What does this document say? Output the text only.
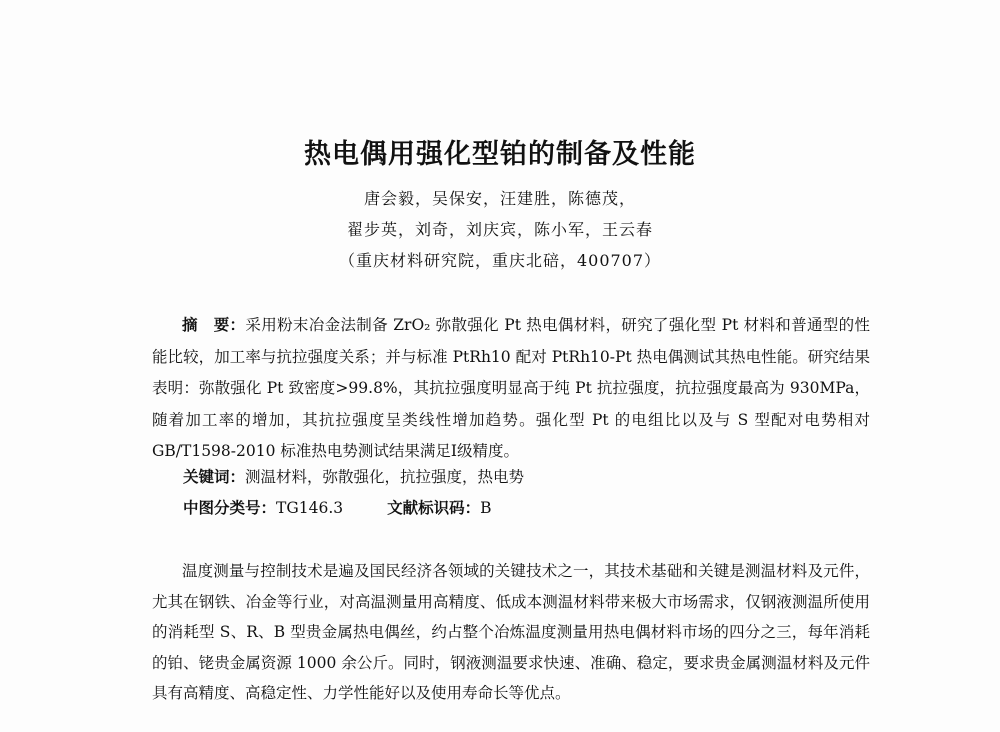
热电偶用强化型铂的制备及性能

唐会毅，吴保安，汪建胜，陈德茂，

翟步英，刘奇，刘庆宾，陈小军，王云春

（重庆材料研究院，重庆北碚，400707）

摘　要：采用粉末冶金法制备 ZrO₂ 弥散强化 Pt 热电偶材料，研究了强化型 Pt 材料和普通型的性能比较，加工率与抗拉强度关系；并与标准 PtRh10 配对 PtRh10-Pt 热电偶测试其热电性能。研究结果表明：弥散强化 Pt 致密度>99.8%，其抗拉强度明显高于纯 Pt 抗拉强度，抗拉强度最高为 930MPa，随着加工率的增加，其抗拉强度呈类线性增加趋势。强化型 Pt 的电组比以及与 S 型配对电势相对 GB/T1598-2010 标准热电势测试结果满足Ⅰ级精度。

关键词：测温材料，弥散强化，抗拉强度，热电势

中图分类号：TG146.3	文献标识码：B

温度测量与控制技术是遍及国民经济各领域的关键技术之一，其技术基础和关键是测温材料及元件，尤其在钢铁、冶金等行业，对高温测量用高精度、低成本测温材料带来极大市场需求，仅钢液测温所使用的消耗型 S、R、B 型贵金属热电偶丝，约占整个冶炼温度测量用热电偶材料市场的四分之三，每年消耗的铂、铑贵金属资源 1000 余公斤。同时，钢液测温要求快速、准确、稳定，要求贵金属测温材料及元件具有高精度、高稳定性、力学性能好以及使用寿命长等优点。
